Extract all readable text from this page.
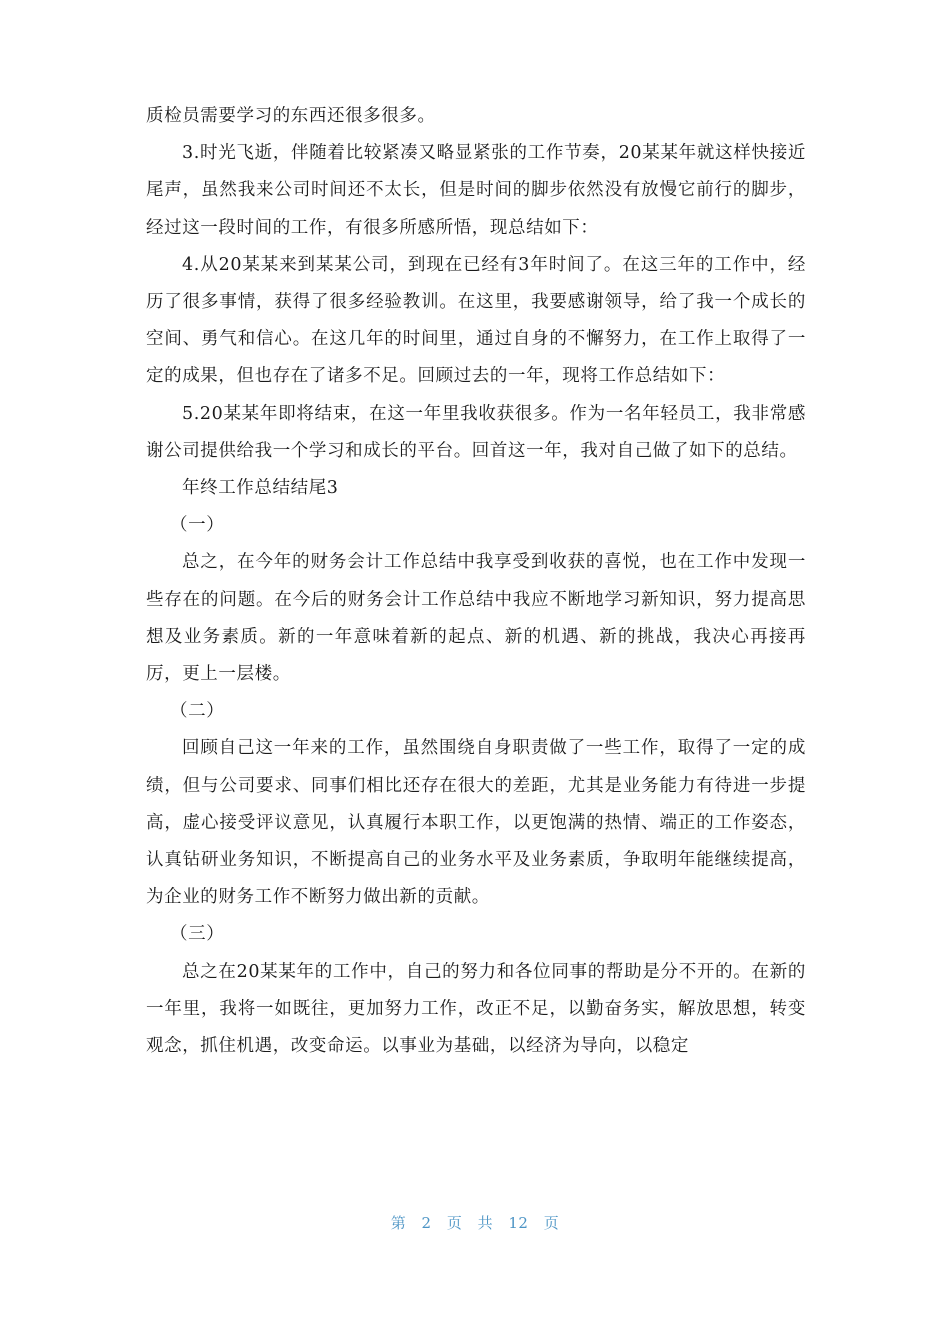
质检员需要学习的东西还很多很多。

3.时光飞逝，伴随着比较紧凑又略显紧张的工作节奏，20某某年就这样快接近尾声，虽然我来公司时间还不太长，但是时间的脚步依然没有放慢它前行的脚步，经过这一段时间的工作，有很多所感所悟，现总结如下：

4.从20某某来到某某公司，到现在已经有3年时间了。在这三年的工作中，经历了很多事情，获得了很多经验教训。在这里，我要感谢领导，给了我一个成长的空间、勇气和信心。在这几年的时间里，通过自身的不懈努力，在工作上取得了一定的成果，但也存在了诸多不足。回顾过去的一年，现将工作总结如下：

5.20某某年即将结束，在这一年里我收获很多。作为一名年轻员工，我非常感谢公司提供给我一个学习和成长的平台。回首这一年，我对自己做了如下的总结。

年终工作总结结尾3

（一）

总之，在今年的财务会计工作总结中我享受到收获的喜悦，也在工作中发现一些存在的问题。在今后的财务会计工作总结中我应不断地学习新知识，努力提高思想及业务素质。新的一年意味着新的起点、新的机遇、新的挑战，我决心再接再厉，更上一层楼。

（二）

回顾自己这一年来的工作，虽然围绕自身职责做了一些工作，取得了一定的成绩，但与公司要求、同事们相比还存在很大的差距，尤其是业务能力有待进一步提高，虚心接受评议意见，认真履行本职工作，以更饱满的热情、端正的工作姿态，认真钻研业务知识，不断提高自己的业务水平及业务素质，争取明年能继续提高，为企业的财务工作不断努力做出新的贡献。

（三）

总之在20某某年的工作中，自己的努力和各位同事的帮助是分不开的。在新的一年里，我将一如既往，更加努力工作，改正不足，以勤奋务实，解放思想，转变观念，抓住机遇，改变命运。以事业为基础，以经济为导向，以稳定

第 2 页 共 12 页
